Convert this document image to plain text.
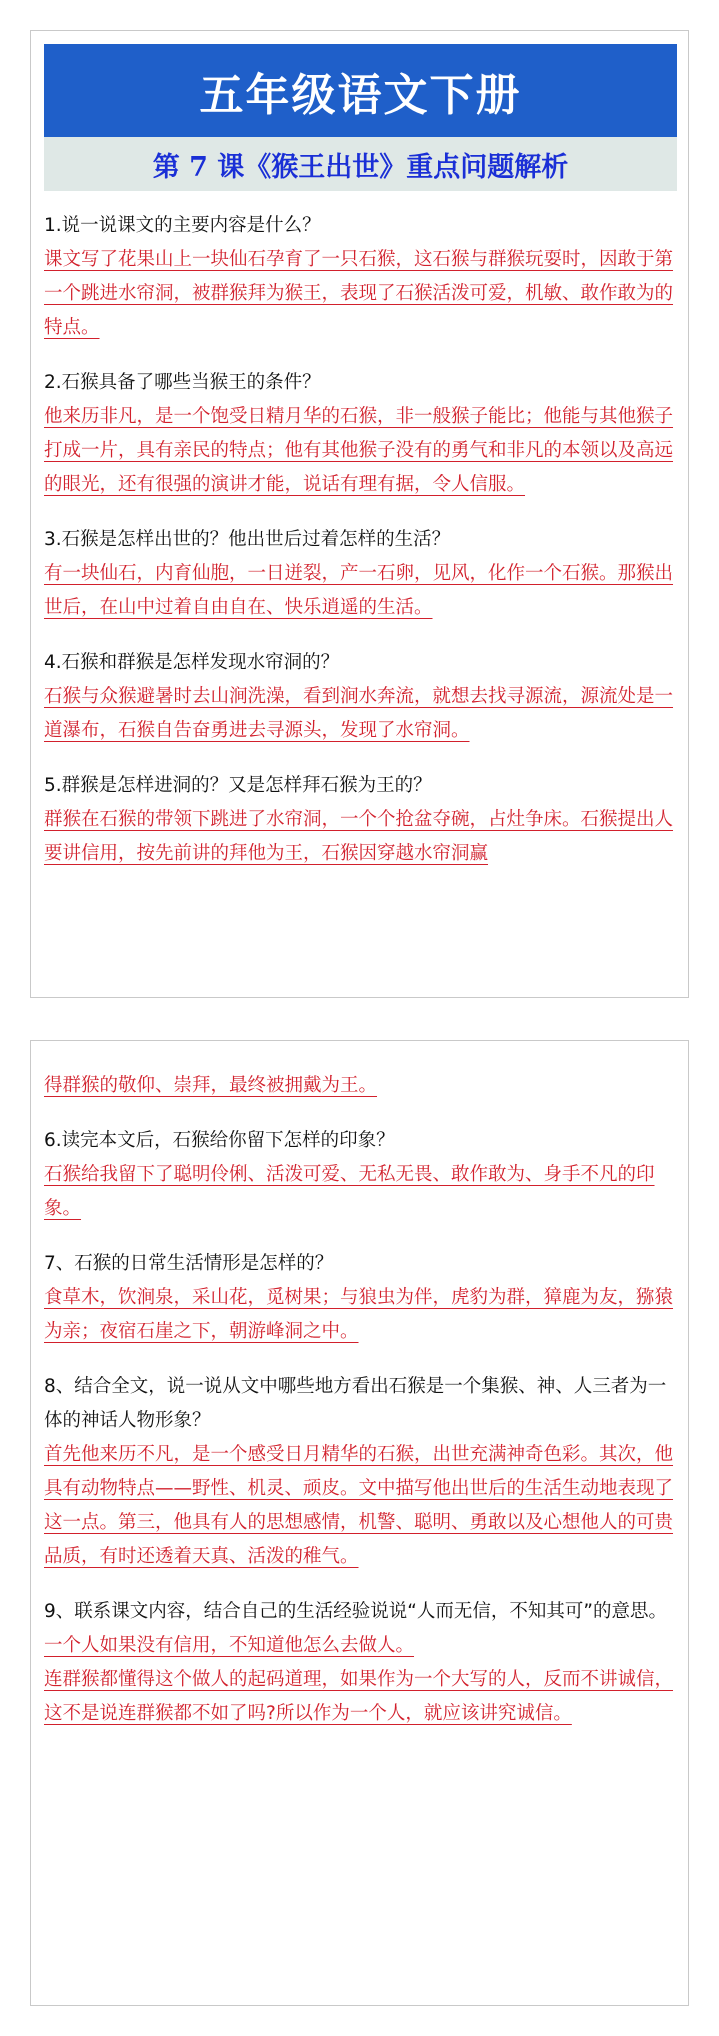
五年级语文下册
第 7 课《猴王出世》重点问题解析

1.说一说课文的主要内容是什么？

课文写了花果山上一块仙石孕育了一只石猴，这石猴与群猴玩耍时，因敢于第一个跳进水帘洞，被群猴拜为猴王，表现了石猴活泼可爱，机敏、敢作敢为的特点。

2.石猴具备了哪些当猴王的条件？

他来历非凡，是一个饱受日精月华的石猴，非一般猴子能比；他能与其他猴子打成一片，具有亲民的特点；他有其他猴子没有的勇气和非凡的本领以及高远的眼光，还有很强的演讲才能，说话有理有据，令人信服。

3.石猴是怎样出世的？他出世后过着怎样的生活？

有一块仙石，内育仙胞，一日迸裂，产一石卵，见风，化作一个石猴。那猴出世后，在山中过着自由自在、快乐逍遥的生活。

4.石猴和群猴是怎样发现水帘洞的？

石猴与众猴避暑时去山涧洗澡，看到涧水奔流，就想去找寻源流，源流处是一道瀑布，石猴自告奋勇进去寻源头，发现了水帘洞。

5.群猴是怎样进洞的？又是怎样拜石猴为王的？

群猴在石猴的带领下跳进了水帘洞，一个个抢盆夺碗，占灶争床。石猴提出人要讲信用，按先前讲的拜他为王，石猴因穿越水帘洞赢

得群猴的敬仰、崇拜，最终被拥戴为王。

6.读完本文后，石猴给你留下怎样的印象？

石猴给我留下了聪明伶俐、活泼可爱、无私无畏、敢作敢为、身手不凡的印象。

7、石猴的日常生活情形是怎样的？

食草木，饮涧泉，采山花，觅树果；与狼虫为伴，虎豹为群，獐鹿为友，猕猿为亲；夜宿石崖之下，朝游峰洞之中。

8、结合全文，说一说从文中哪些地方看出石猴是一个集猴、神、人三者为一体的神话人物形象？

首先他来历不凡，是一个感受日月精华的石猴，出世充满神奇色彩。其次，他具有动物特点——野性、机灵、顽皮。文中描写他出世后的生活生动地表现了这一点。第三，他具有人的思想感情，机警、聪明、勇敢以及心想他人的可贵品质，有时还透着天真、活泼的稚气。

9、联系课文内容，结合自己的生活经验说说“人而无信，不知其可”的意思。

一个人如果没有信用，不知道他怎么去做人。

连群猴都懂得这个做人的起码道理，如果作为一个大写的人，反而不讲诚信，这不是说连群猴都不如了吗?所以作为一个人，就应该讲究诚信。
